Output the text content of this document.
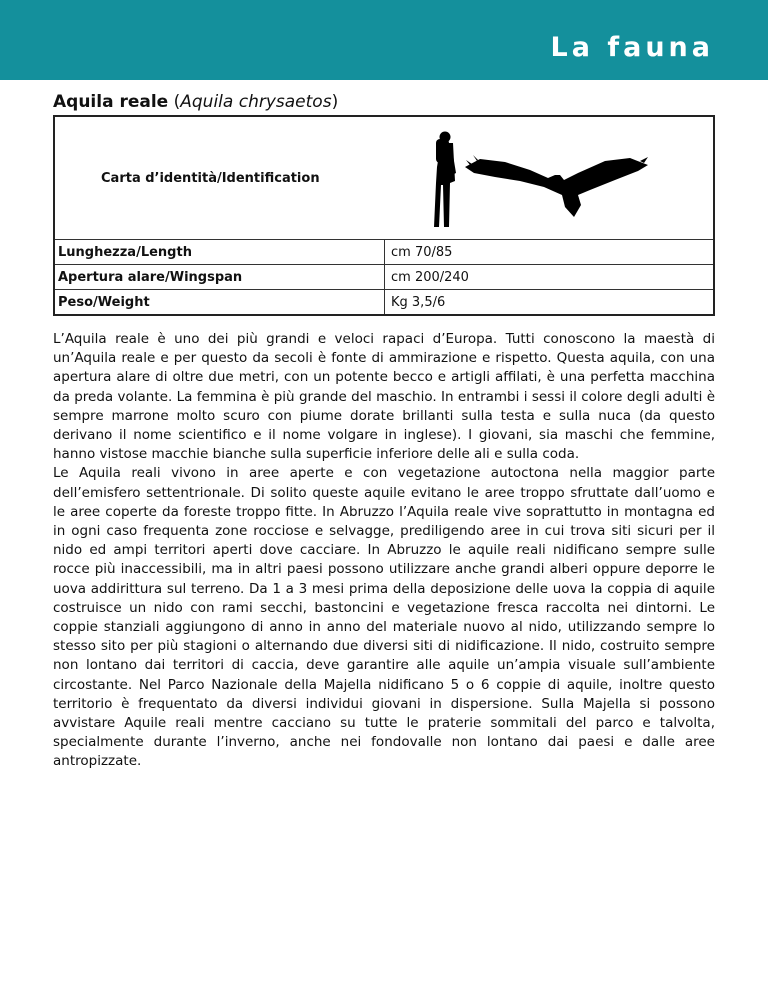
La fauna
Aquila reale (Aquila chrysaetos)
Carta d’identità/Identification
Lunghezza/Length	cm 70/85
Apertura alare/Wingspan	cm 200/240
Peso/Weight	Kg 3,5/6

L’Aquila reale è uno dei più grandi e veloci rapaci d’Europa. Tutti conoscono la maestà di un’Aquila reale e per questo da secoli è fonte di ammirazione e rispetto. Questa aquila, con una apertura alare di oltre due metri, con un potente becco e artigli affilati, è una perfetta macchina da preda volante. La femmina è più grande del maschio. In entrambi i sessi il colore degli adulti è sempre marrone molto scuro con piume dorate brillanti sulla testa e sulla nuca (da questo derivano il nome scientifico e il nome volgare in inglese). I giovani, sia maschi che femmine, hanno vistose macchie bianche sulla superficie inferiore delle ali e sulla coda.

Le Aquila reali vivono in aree aperte e con vegetazione autoctona nella maggior parte dell’emisfero settentrionale. Di solito queste aquile evitano le aree troppo sfruttate dall’uomo e le aree coperte da foreste troppo fitte. In Abruzzo l’Aquila reale vive soprattutto in montagna ed in ogni caso frequenta zone rocciose e selvagge, prediligendo aree in cui trova siti sicuri per il nido ed ampi territori aperti dove cacciare. In Abruzzo le aquile reali nidificano sempre sulle rocce più inaccessibili, ma in altri paesi possono utilizzare anche grandi alberi oppure deporre le uova addirittura sul terreno. Da 1 a 3 mesi prima della deposizione delle uova la coppia di aquile costruisce un nido con rami secchi, bastoncini e vegetazione fresca raccolta nei dintorni. Le coppie stanziali aggiungono di anno in anno del materiale nuovo al nido, utilizzando sempre lo stesso sito per più stagioni o alternando due diversi siti di nidificazione. Il nido, costruito sempre non lontano dai territori di caccia, deve garantire alle aquile un’ampia visuale sull’ambiente circostante. Nel Parco Nazionale della Majella nidificano 5 o 6 coppie di aquile, inoltre questo territorio è frequentato da diversi individui giovani in dispersione. Sulla Majella si possono avvistare Aquile reali mentre cacciano su tutte le praterie sommitali del parco e talvolta, specialmente durante l’inverno, anche nei fondovalle non lontano dai paesi e dalle aree antropizzate.
